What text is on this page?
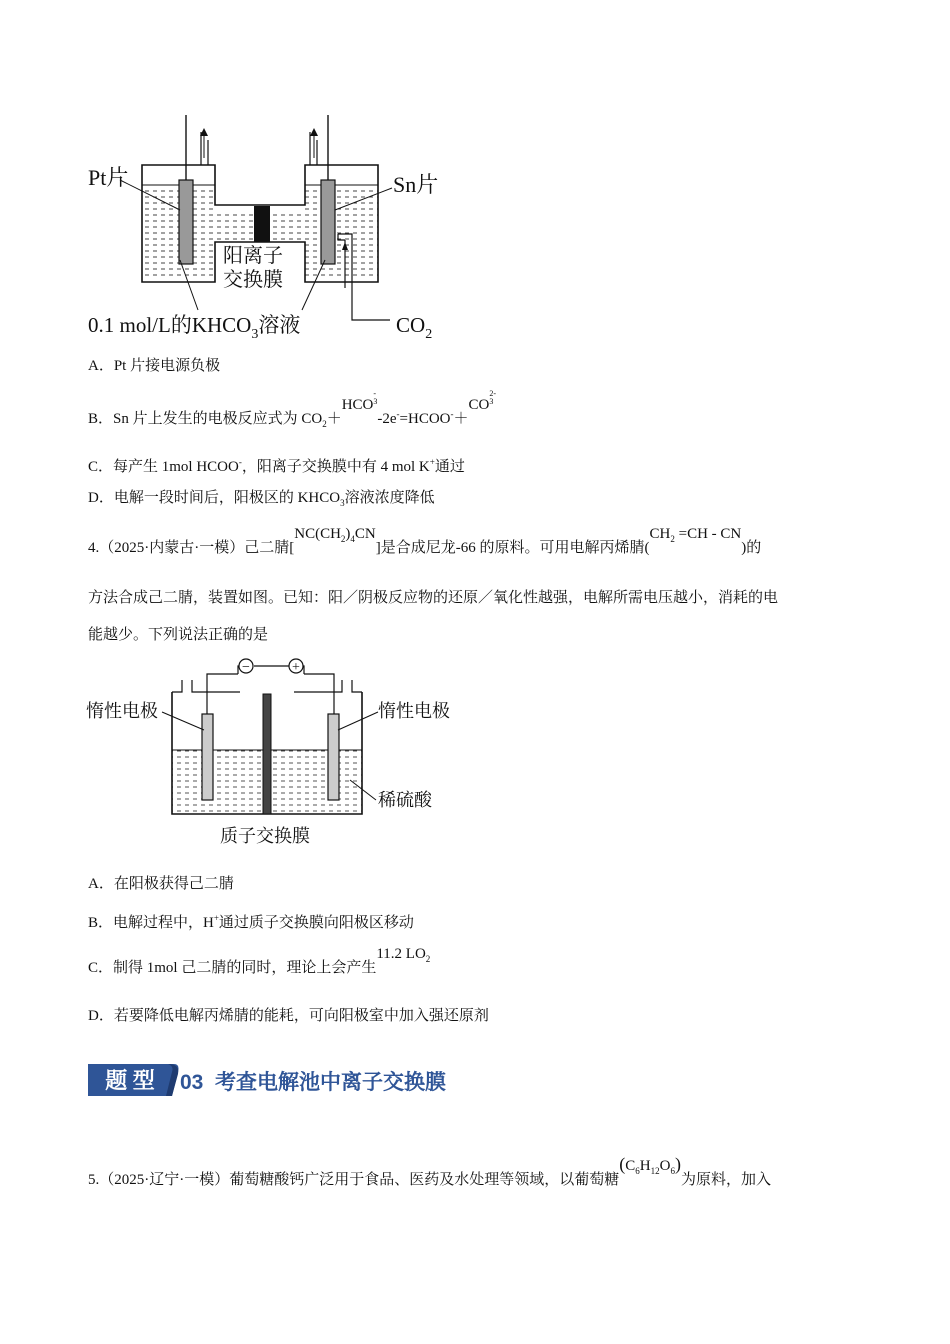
Pt片	Sn片
阳离子
交换膜
0.1 mol/L的$KHCO_3$溶液	$CO_2$
A．Pt 片接电源负极
B．Sn 片上发生的电极反应式为 $CO_2+HCO-$
3-2e-=HCOO-＋CO2-
3
C．每产生 1mol HCOO-，阳离子交换膜中有 4 mol K+通过
D．电解一段时间后，阳极区的 $KHCO_3$溶液浓度降低
4.（2025·内蒙古·一模）己二腈$[NC(CH_2)_4CN]$是合成尼龙-66 的原料。可用电解丙烯腈$(CH_2 =CH - CN)$的
方法合成己二腈，装置如图。已知：阳／阴极反应物的还原／氧化性越强，电解所需电压越小，消耗的电
能越少。下列说法正确的是
−	+
惰性电极	惰性电极
稀硫酸
质子交换膜
A．在阳极获得己二腈
B．电解过程中，H+通过质子交换膜向阳极区移动
C．制得 1mol 己二腈的同时，理论上会产生11.2 $LO_2$
D．若要降低电解丙烯腈的能耗，可向阳极室中加入强还原剂
题 型 03 考查电解池中离子交换膜
5.（2025·辽宁·一模）葡萄糖酸钙广泛用于食品、医药及水处理等领域，以葡萄糖$(C_6H_{12}O_6)$为原料，加入
